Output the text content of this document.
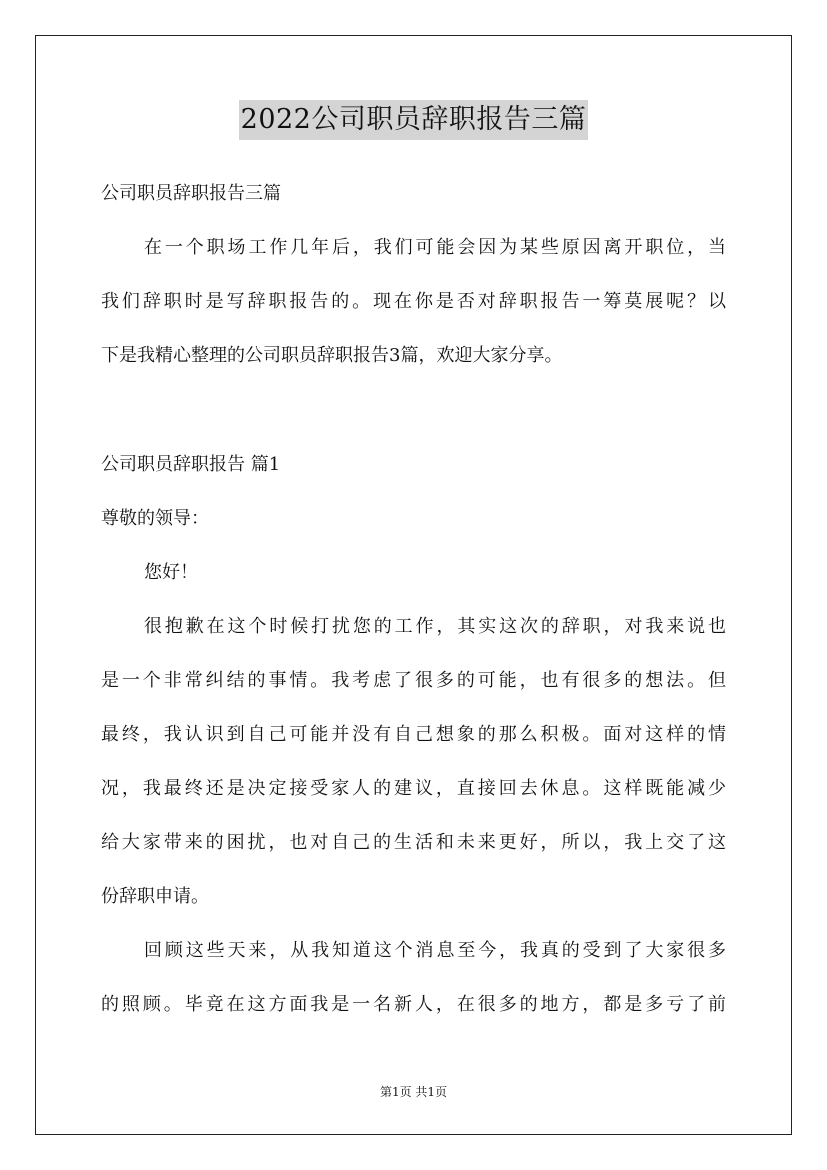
2022公司职员辞职报告三篇
公司职员辞职报告三篇
在一个职场工作几年后，我们可能会因为某些原因离开职位，当
我们辞职时是写辞职报告的。现在你是否对辞职报告一筹莫展呢？以
下是我精心整理的公司职员辞职报告3篇，欢迎大家分享。
公司职员辞职报告 篇1
尊敬的领导：
您好！
很抱歉在这个时候打扰您的工作，其实这次的辞职，对我来说也
是一个非常纠结的事情。我考虑了很多的可能，也有很多的想法。但
最终，我认识到自己可能并没有自己想象的那么积极。面对这样的情
况，我最终还是决定接受家人的建议，直接回去休息。这样既能减少
给大家带来的困扰，也对自己的生活和未来更好，所以，我上交了这
份辞职申请。
回顾这些天来，从我知道这个消息至今，我真的受到了大家很多
的照顾。毕竟在这方面我是一名新人，在很多的地方，都是多亏了前
第1页 共1页
